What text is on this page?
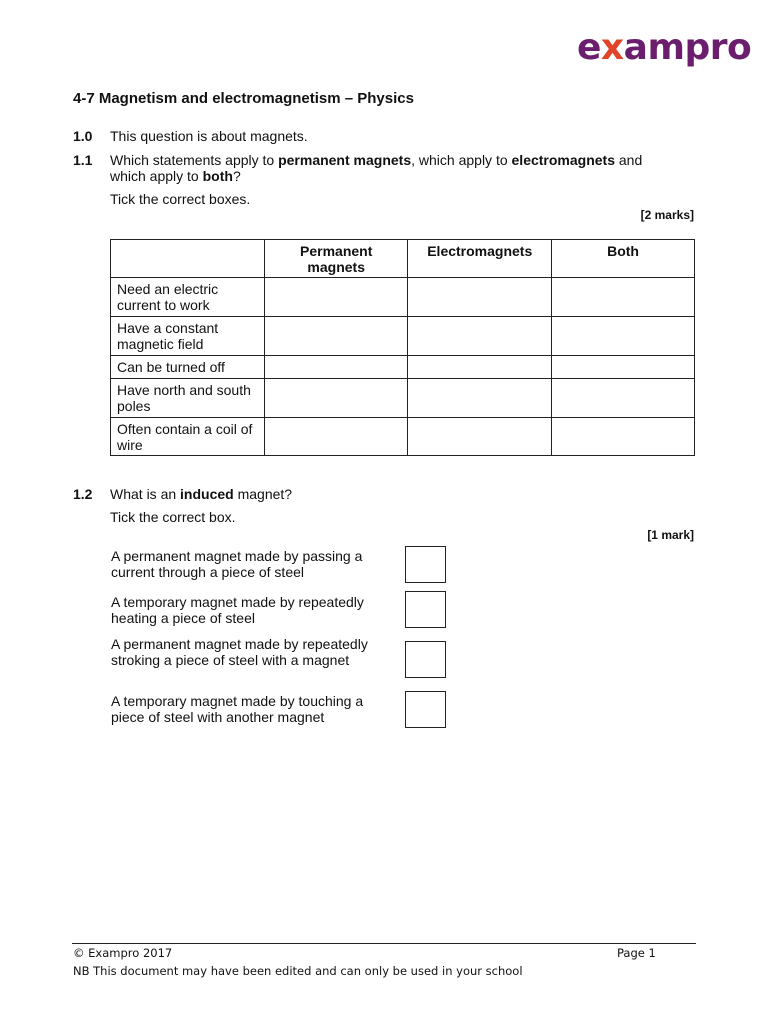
exampro
4-7 Magnetism and electromagnetism – Physics
1.0 This question is about magnets.
1.1 Which statements apply to permanent magnets, which apply to electromagnets and
which apply to both?
Tick the correct boxes.
[2 marks]
	Permanent magnets	Electromagnets	Both
Need an electric current to work			
Have a constant magnetic field			
Can be turned off			
Have north and south poles			
Often contain a coil of wire			
1.2 What is an induced magnet?
Tick the correct box.
[1 mark]
A permanent magnet made by passing a current through a piece of steel
A temporary magnet made by repeatedly heating a piece of steel
A permanent magnet made by repeatedly stroking a piece of steel with a magnet
A temporary magnet made by touching a piece of steel with another magnet
© Exampro 2017	Page 1
NB This document may have been edited and can only be used in your school
